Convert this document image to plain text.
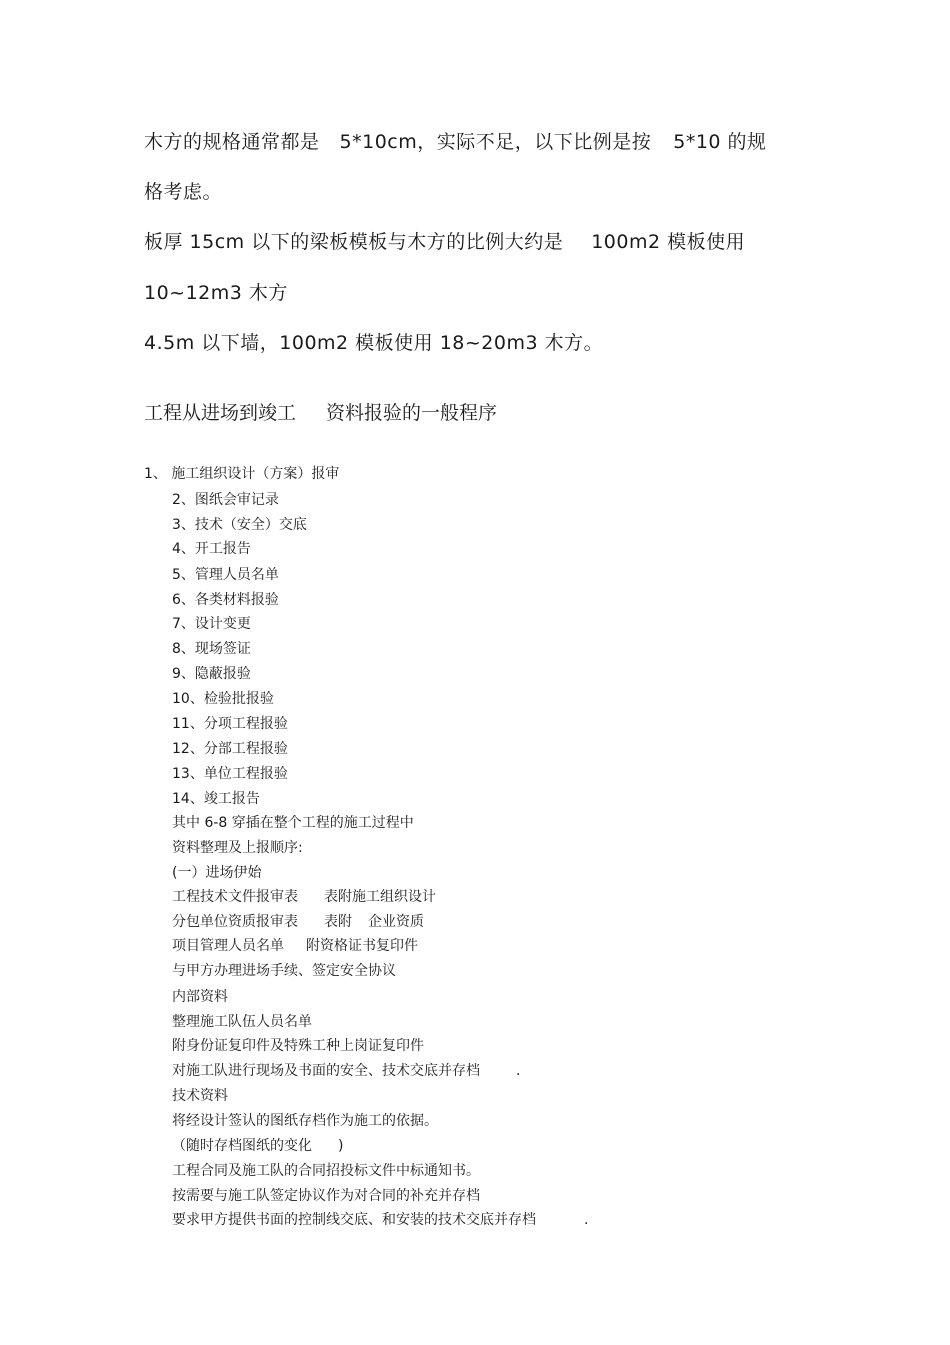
木方的规格通常都是 5*10cm，实际不足，以下比例是按 5*10 的规
格考虑。
板厚 15cm 以下的梁板模板与木方的比例大约是 100m2 模板使用
10~12m3 木方
4.5m 以下墙，100m2 模板使用 18~20m3 木方。
工程从进场到竣工 资料报验的一般程序
1、 施工组织设计（方案）报审
2、图纸会审记录
3、技术（安全）交底
4、开工报告
5、管理人员名单
6、各类材料报验
7、设计变更
8、现场签证
9、隐蔽报验
10、检验批报验
11、分项工程报验
12、分部工程报验
13、单位工程报验
14、竣工报告
其中 6-8 穿插在整个工程的施工过程中
资料整理及上报顺序:
(一）进场伊始
工程技术文件报审表 表附施工组织设计
分包单位资质报审表 表附 企业资质
项目管理人员名单 附资格证书复印件
与甲方办理进场手续、签定安全协议
内部资料
整理施工队伍人员名单
附身份证复印件及特殊工种上岗证复印件
对施工队进行现场及书面的安全、技术交底并存档	.
技术资料
将经设计签认的图纸存档作为施工的依据。
（随时存档图纸的变化 )
工程合同及施工队的合同招投标文件中标通知书。
按需要与施工队签定协议作为对合同的补充并存档
要求甲方提供书面的控制线交底、和安装的技术交底并存档	.
